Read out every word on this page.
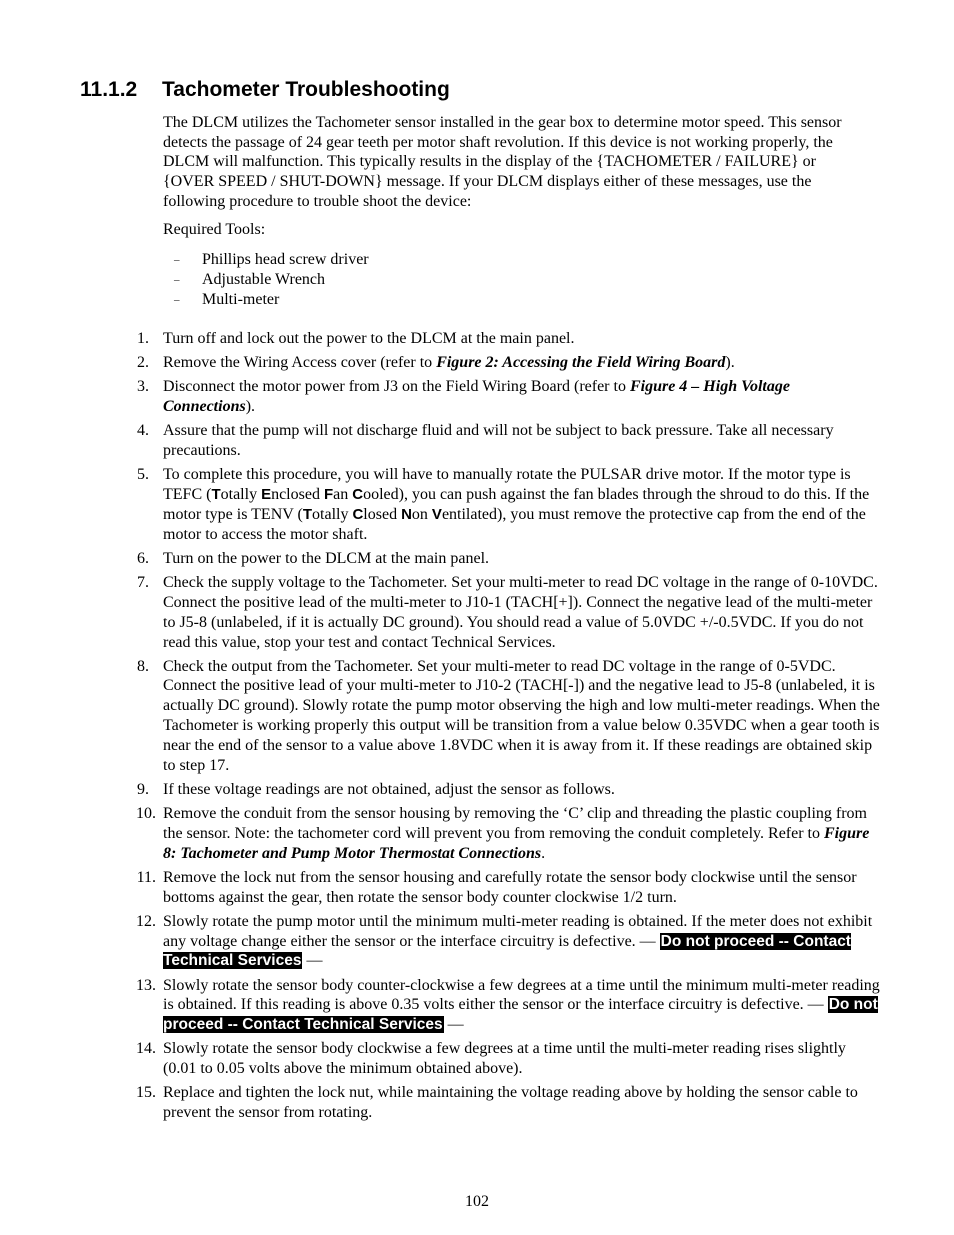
11.1.2 Tachometer Troubleshooting
The DLCM utilizes the Tachometer sensor installed in the gear box to determine motor speed. This sensor detects the passage of 24 gear teeth per motor shaft revolution. If this device is not working properly, the DLCM will malfunction. This typically results in the display of the {TACHOMETER / FAILURE} or {OVER SPEED / SHUT-DOWN} message. If your DLCM displays either of these messages, use the following procedure to trouble shoot the device:
Required Tools:
– Phillips head screw driver
– Adjustable Wrench
– Multi-meter
1. Turn off and lock out the power to the DLCM at the main panel.
2. Remove the Wiring Access cover (refer to Figure 2: Accessing the Field Wiring Board).
3. Disconnect the motor power from J3 on the Field Wiring Board (refer to Figure 4 – High Voltage Connections).
4. Assure that the pump will not discharge fluid and will not be subject to back pressure. Take all necessary precautions.
5. To complete this procedure, you will have to manually rotate the PULSAR drive motor. If the motor type is TEFC (Totally Enclosed Fan Cooled), you can push against the fan blades through the shroud to do this. If the motor type is TENV (Totally Closed Non Ventilated), you must remove the protective cap from the end of the motor to access the motor shaft.
6. Turn on the power to the DLCM at the main panel.
7. Check the supply voltage to the Tachometer. Set your multi-meter to read DC voltage in the range of 0-10VDC. Connect the positive lead of the multi-meter to J10-1 (TACH[+]). Connect the negative lead of the multi-meter to J5-8 (unlabeled, if it is actually DC ground). You should read a value of 5.0VDC +/-0.5VDC. If you do not read this value, stop your test and contact Technical Services.
8. Check the output from the Tachometer. Set your multi-meter to read DC voltage in the range of 0-5VDC. Connect the positive lead of your multi-meter to J10-2 (TACH[-]) and the negative lead to J5-8 (unlabeled, it is actually DC ground). Slowly rotate the pump motor observing the high and low multi-meter readings. When the Tachometer is working properly this output will be transition from a value below 0.35VDC when a gear tooth is near the end of the sensor to a value above 1.8VDC when it is away from it. If these readings are obtained skip to step 17.
9. If these voltage readings are not obtained, adjust the sensor as follows.
10. Remove the conduit from the sensor housing by removing the ‘C’ clip and threading the plastic coupling from the sensor. Note: the tachometer cord will prevent you from removing the conduit completely. Refer to Figure 8: Tachometer and Pump Motor Thermostat Connections.
11. Remove the lock nut from the sensor housing and carefully rotate the sensor body clockwise until the sensor bottoms against the gear, then rotate the sensor body counter clockwise 1/2 turn.
12. Slowly rotate the pump motor until the minimum multi-meter reading is obtained. If the meter does not exhibit any voltage change either the sensor or the interface circuitry is defective. — Do not proceed -- Contact Technical Services —
13. Slowly rotate the sensor body counter-clockwise a few degrees at a time until the minimum multi-meter reading is obtained. If this reading is above 0.35 volts either the sensor or the interface circuitry is defective. — Do not proceed -- Contact Technical Services —
14. Slowly rotate the sensor body clockwise a few degrees at a time until the multi-meter reading rises slightly (0.01 to 0.05 volts above the minimum obtained above).
15. Replace and tighten the lock nut, while maintaining the voltage reading above by holding the sensor cable to prevent the sensor from rotating.
102
